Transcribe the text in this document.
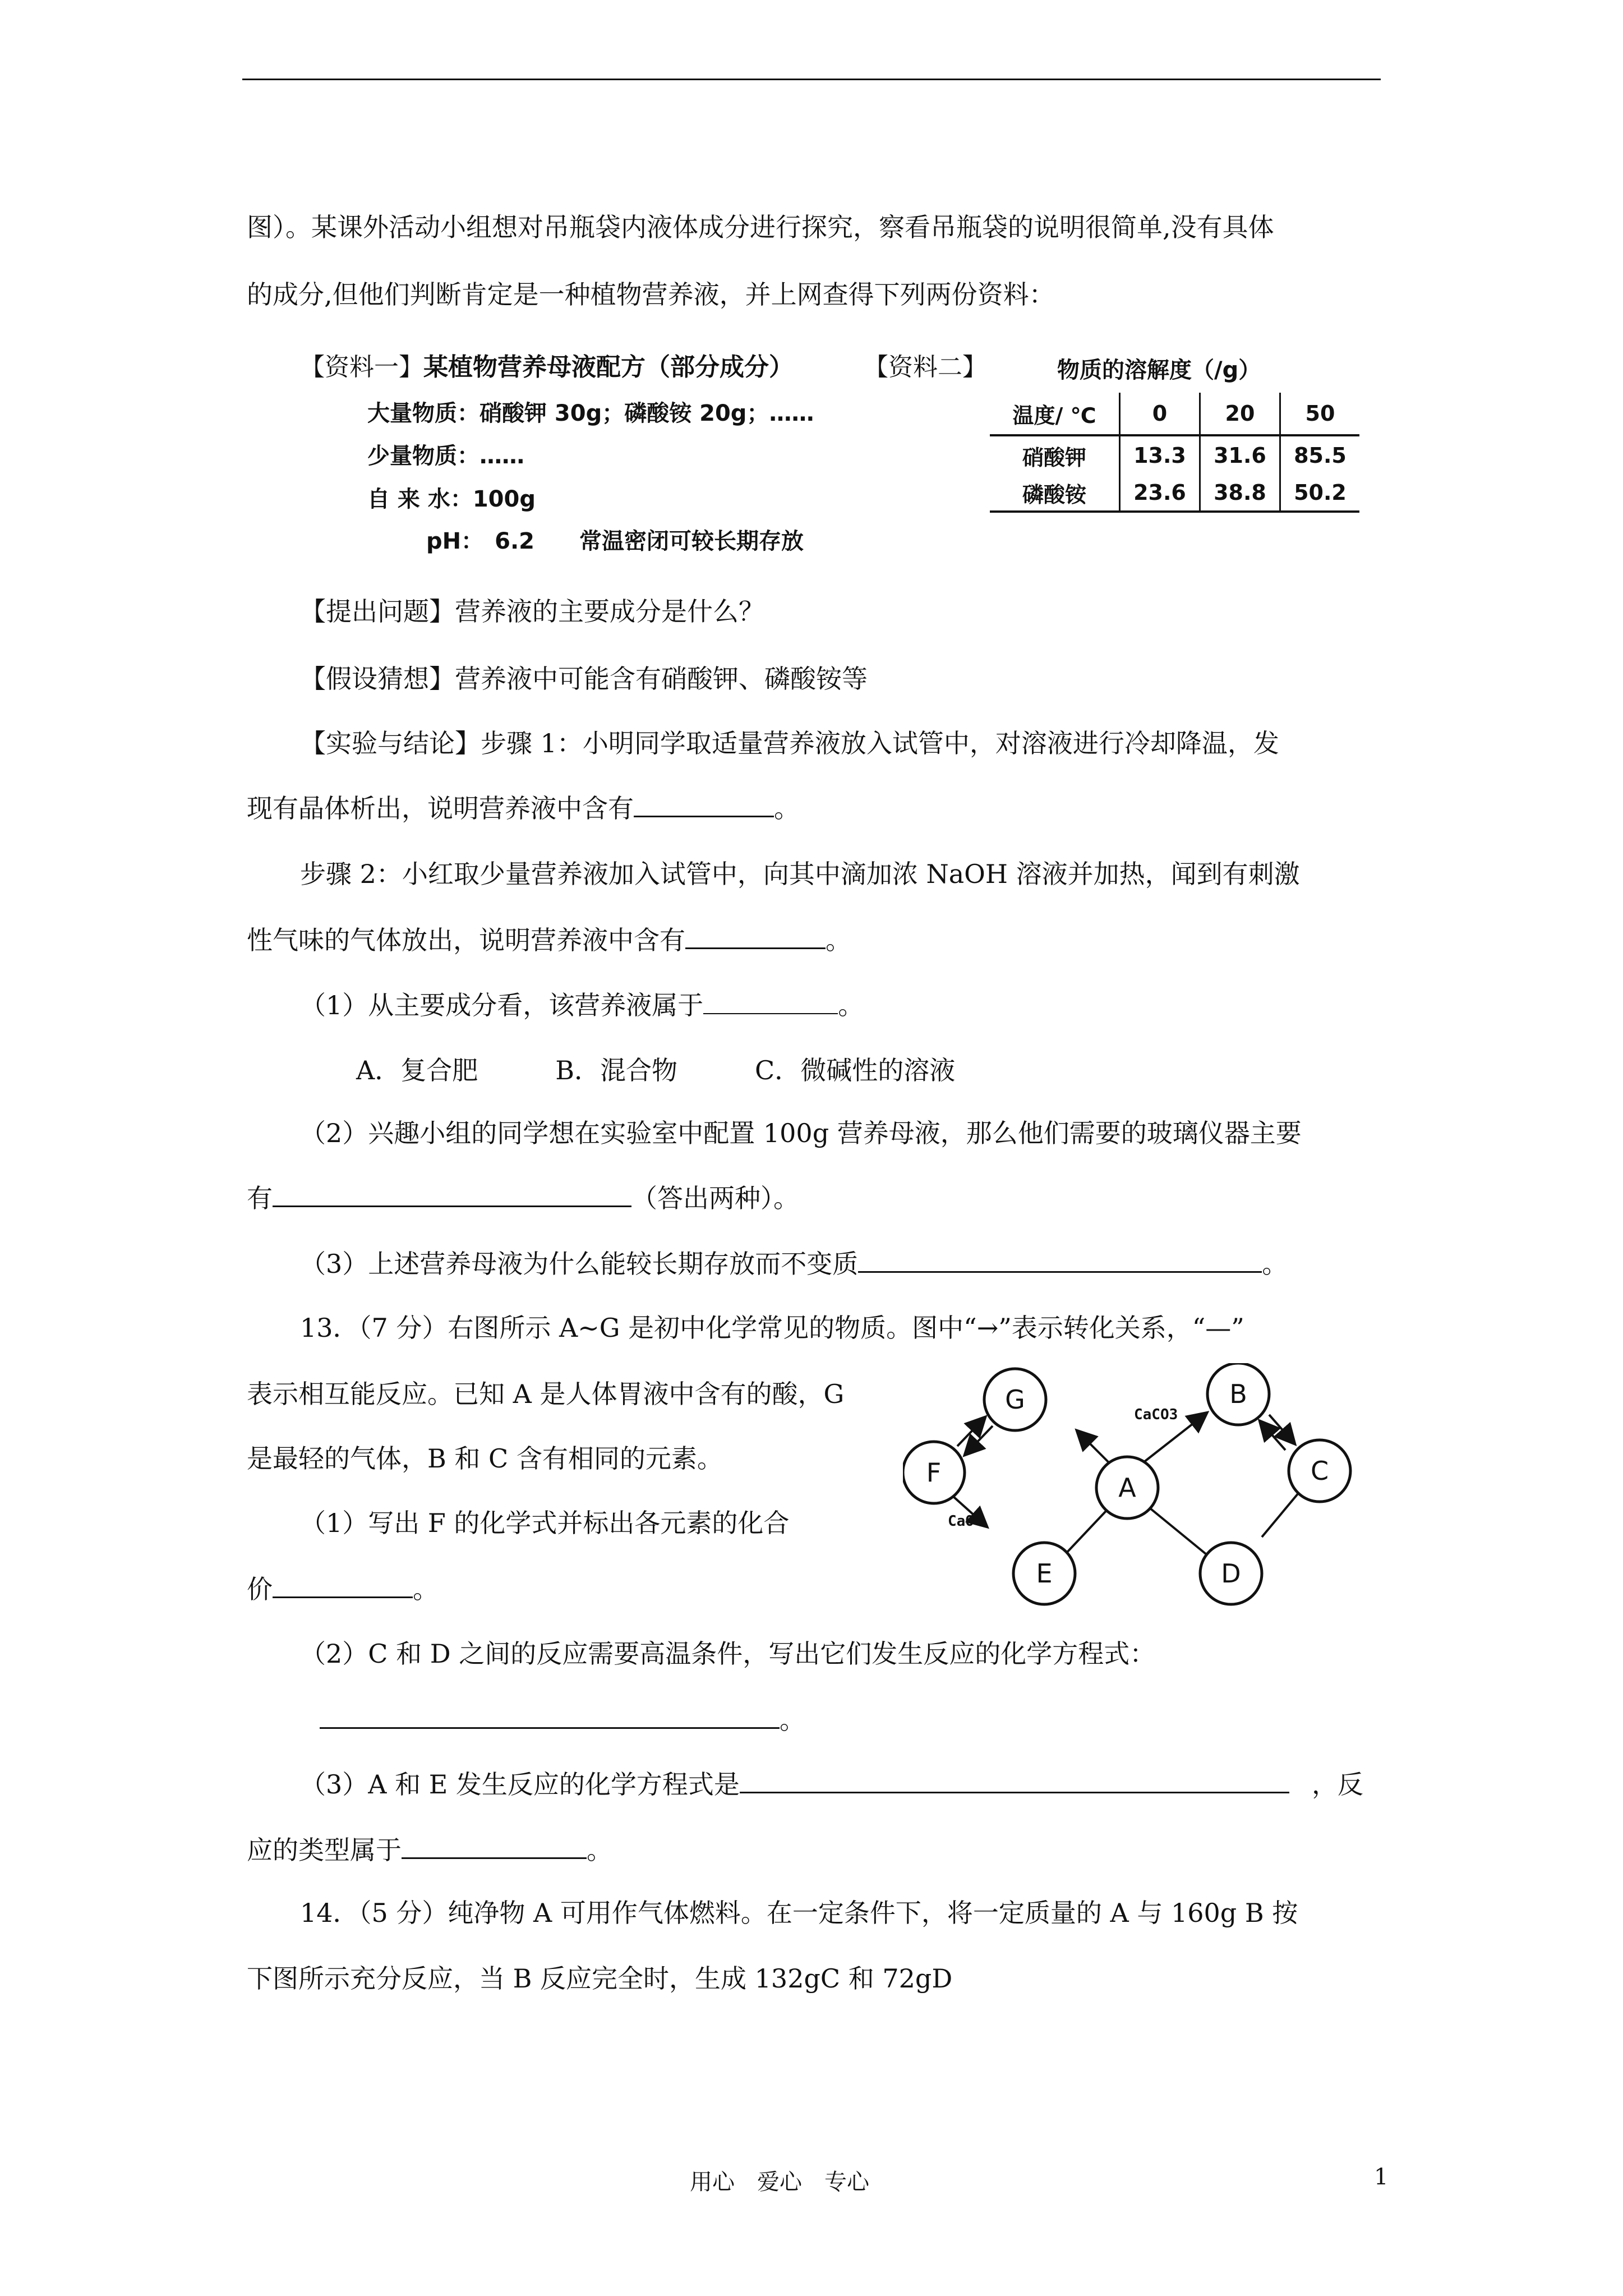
图）。某课外活动小组想对吊瓶袋内液体成分进行探究，察看吊瓶袋的说明很简单,没有具体
的成分,但他们判断肯定是一种植物营养液，并上网查得下列两份资料：
【资料一】某植物营养母液配方（部分成分）
大量物质：硝酸钾 30g；磷酸铵 20g；……
少量物质：……
自 来 水：100g
pH：　6.2　　常温密闭可较长期存放
【资料二】	物质的溶解度（/g）
温度/ ℃	0	20	50
硝酸钾	13.3	31.6	85.5
磷酸铵	23.6	38.8	50.2
【提出问题】营养液的主要成分是什么？
【假设猜想】营养液中可能含有硝酸钾、磷酸铵等
【实验与结论】步骤 1：小明同学取适量营养液放入试管中，对溶液进行冷却降温，发
现有晶体析出，说明营养液中含有	。
步骤 2：小红取少量营养液加入试管中，向其中滴加浓 NaOH 溶液并加热，闻到有刺激
性气味的气体放出，说明营养液中含有	。
（1）从主要成分看，该营养液属于	。
A．复合肥　　　B．混合物　　　C．微碱性的溶液
（2）兴趣小组的同学想在实验室中配置 100g 营养母液，那么他们需要的玻璃仪器主要
有	（答出两种）。
（3）上述营养母液为什么能较长期存放而不变质	。
13．（7 分）右图所示 A~G 是初中化学常见的物质。图中“→”表示转化关系，“—”
表示相互能反应。已知 A 是人体胃液中含有的酸，G
是最轻的气体，B 和 C 含有相同的元素。
（1）写出 F 的化学式并标出各元素的化合
价	。
（2）C 和 D 之间的反应需要高温条件，写出它们发生反应的化学方程式：
。
（3）A 和 E 发生反应的化学方程式是	，反
应的类型属于	。
14．（5 分）纯净物 A 可用作气体燃料。在一定条件下，将一定质量的 A 与 160g B 按
下图所示充分反应，当 B 反应完全时，生成 132gC 和 72gD
G	B
F	A
C
E	D
CaCO3
CaO
用心　爱心　专心	1
